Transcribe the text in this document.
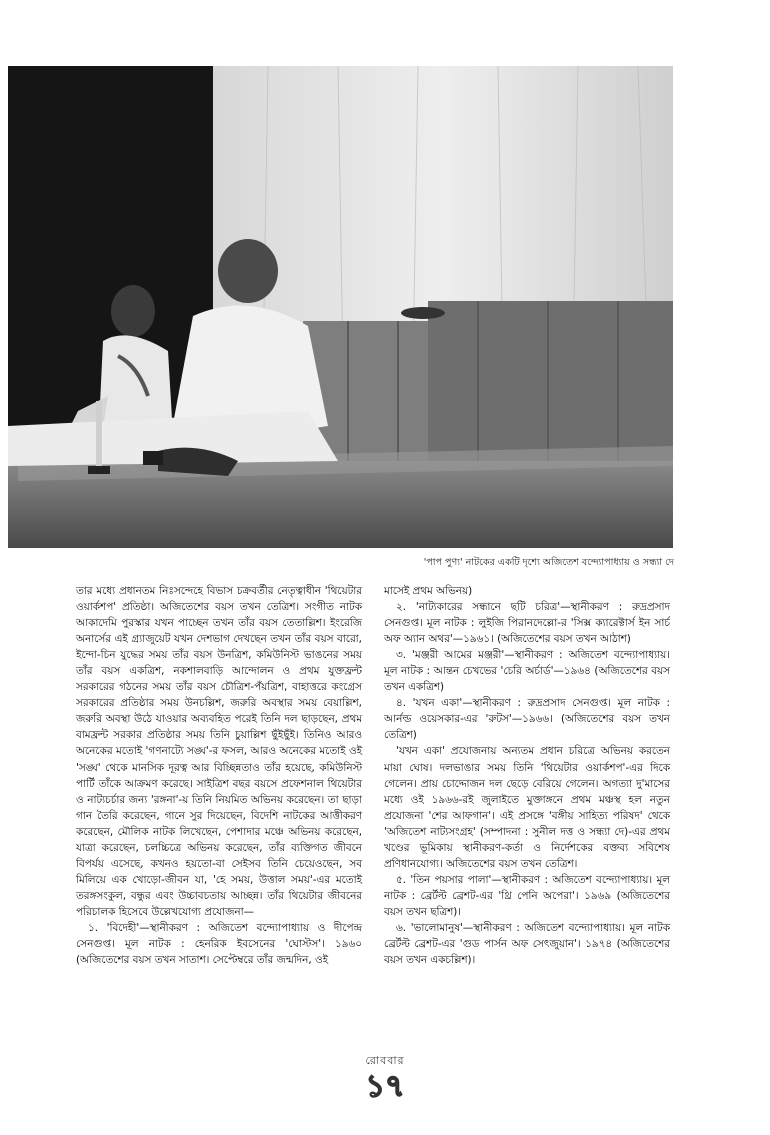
'পাপ পুণ্য' নাটকের একটি দৃশ্যে অজিতেশ বন্দ্যোপাধ্যায় ও সন্ধ্যা দে

তার মধ্যে প্রধানতম নিঃসন্দেহে বিভাস চক্রবর্তীর নেতৃত্বাধীন 'থিয়েটার ওয়ার্কশপ' প্রতিষ্ঠা। অজিতেশের বয়স তখন তেত্রিশ। সংগীত নাটক আকাদেমি পুরস্কার যখন পাচ্ছেন তখন তাঁর বয়স তেতাল্লিশ। ইংরেজি অনার্সের এই গ্র্যাজুয়েট যখন দেশভাগ দেখছেন তখন তাঁর বয়স বারো, ইন্দো-চিন যুদ্ধের সময় তাঁর বয়স উনত্রিশ, কমিউনিস্ট ভাঙনের সময় তাঁর বয়স একত্রিশ, নকশালবাড়ি আন্দোলন ও প্রথম যুক্তফ্রন্ট সরকারের গঠনের সময় তাঁর বয়স চৌত্রিশ-পঁয়ত্রিশ, বাহাত্তরে কংগ্রেস সরকারের প্রতিষ্ঠার সময় উনচল্লিশ, জরুরি অবস্থার সময় বেয়াল্লিশ, জরুরি অবস্থা উঠে যাওয়ার অব্যবহিত পরেই তিনি দল ছাড়ছেন, প্রথম বামফ্রন্ট সরকার প্রতিষ্ঠার সময় তিনি চুয়াল্লিশ ছুঁইছুঁই। তিনিও আরও অনেকের মতোই 'গণনাট্যে সঙ্ঘ'-র ফসল, আরও অনেকের মতোই ওই 'সঙ্ঘ' থেকে মানসিক দূরত্ব আর বিচ্ছিন্নতাও তাঁর হয়েছে, কমিউনিস্ট পার্টি তাঁকে আক্রমণ করেছে। সাইত্রিশ বছর বয়সে প্রফেশনাল থিয়েটার ও নাট্যচর্চার জন্য 'রঙ্গনা'-য় তিনি নিয়মিত অভিনয় করেছেন। তা ছাড়া গান তৈরি করেছেন, গানে সুর দিয়েছেন, বিদেশি নাটকের আত্তীকরণ করেছেন, মৌলিক নাটক লিখেছেন, পেশাদার মঞ্চে অভিনয় করেছেন, যাত্রা করেছেন, চলচ্চিত্রে অভিনয় করেছেন, তাঁর ব্যক্তিগত জীবনে বিপর্যয় এসেছে, কখনও হয়তো-বা সেইসব তিনি চেয়েওছেন, সব মিলিয়ে এক খোড়ো-জীবন যা, 'হে সময়, উত্তাল সময়'-এর মতোই তরঙ্গসংকুল, বন্ধুর এবং উচ্চাবচতায় আচ্ছন্ন। তাঁর থিয়েটার জীবনের পরিচালক হিসেবে উল্লেখযোগ্য প্রযোজনা—

১. 'বিদেহী'—স্থানীকরণ : অজিতেশ বন্দ্যোপাধ্যায় ও দীপেন্দ্র সেনগুপ্ত। মূল নাটক : হেনরিক ইবসেনের 'ঘোস্টস'। ১৯৬০ (অজিতেশের বয়স তখন সাতাশ। সেপ্টেম্বরে তাঁর জন্মদিন, ওই

মাসেই প্রথম অভিনয়)

২. 'নাট্যকারের সন্ধানে ছটি চরিত্র'—স্থানীকরণ : রুদ্রপ্রসাদ সেনগুপ্ত। মূল নাটক : লুইজি পিরানদেল্লো-র 'সিক্স ক্যারেক্টার্স ইন সার্চ অফ অ্যান অথর'—১৯৬১। (অজিতেশের বয়স তখন আঠাশ)

৩. 'মঞ্জরী আমের মঞ্জরী'—স্থানীকরণ : অজিতেশ বন্দ্যোপাধ্যায়। মূল নাটক : আন্তন চেখভের 'চেরি অর্চার্ড'—১৯৬৪ (অজিতেশের বয়স তখন একত্রিশ)

৪. 'যখন একা'—স্থানীকরণ : রুদ্রপ্রসাদ সেনগুপ্ত। মূল নাটক : আর্নল্ড ওয়েসকার-এর 'রুটস'—১৯৬৬। (অজিতেশের বয়স তখন তেত্রিশ)

'যখন একা' প্রযোজনায় অন্যতম প্রধান চরিত্রে অভিনয় করতেন মায়া ঘোষ। দলভাঙার সময় তিনি 'থিয়েটার ওয়ার্কশপ'-এর দিকে গেলেন। প্রায় চোদ্দোজন দল ছেড়ে বেরিয়ে গেলেন। অগত্যা দু'মাসের মধ্যে ওই ১৯৬৬-রই জুলাইতে মুক্তাঙ্গনে প্রথম মঞ্চস্থ হল নতুন প্রযোজনা 'শের আফগান'। এই প্রসঙ্গে 'বঙ্গীয় সাহিত্য পরিষদ' থেকে 'অজিতেশ নাট্যসংগ্রহ' (সম্পাদনা : সুনীল দত্ত ও সন্ধ্যা দে)-এর প্রথম খণ্ডের ভূমিকায় স্থানীকরণ-কর্তা ও নির্দেশকের বক্তব্য সবিশেষ প্রণিধানযোগ্য। অজিতেশের বয়স তখন তেত্রিশ।

৫. 'তিন পয়সার পালা'—স্থানীকরণ : অজিতেশ বন্দ্যোপাধ্যায়। মূল নাটক : ব্রের্টল্ট ব্রেশট-এর 'থ্রি পেনি অপেরা'। ১৯৬৯ (অজিতেশের বয়স তখন ছত্রিশ)।

৬. 'ভালোমানুষ'—স্থানীকরণ : অজিতেশ বন্দ্যোপাধ্যায়। মূল নাটক ব্রের্টল্ট ব্রেশট-এর 'গুড পার্সন অফ সেৎজুয়ান'। ১৯৭৪ (অজিতেশের বয়স তখন একচল্লিশ)।

রোববার
১৭
